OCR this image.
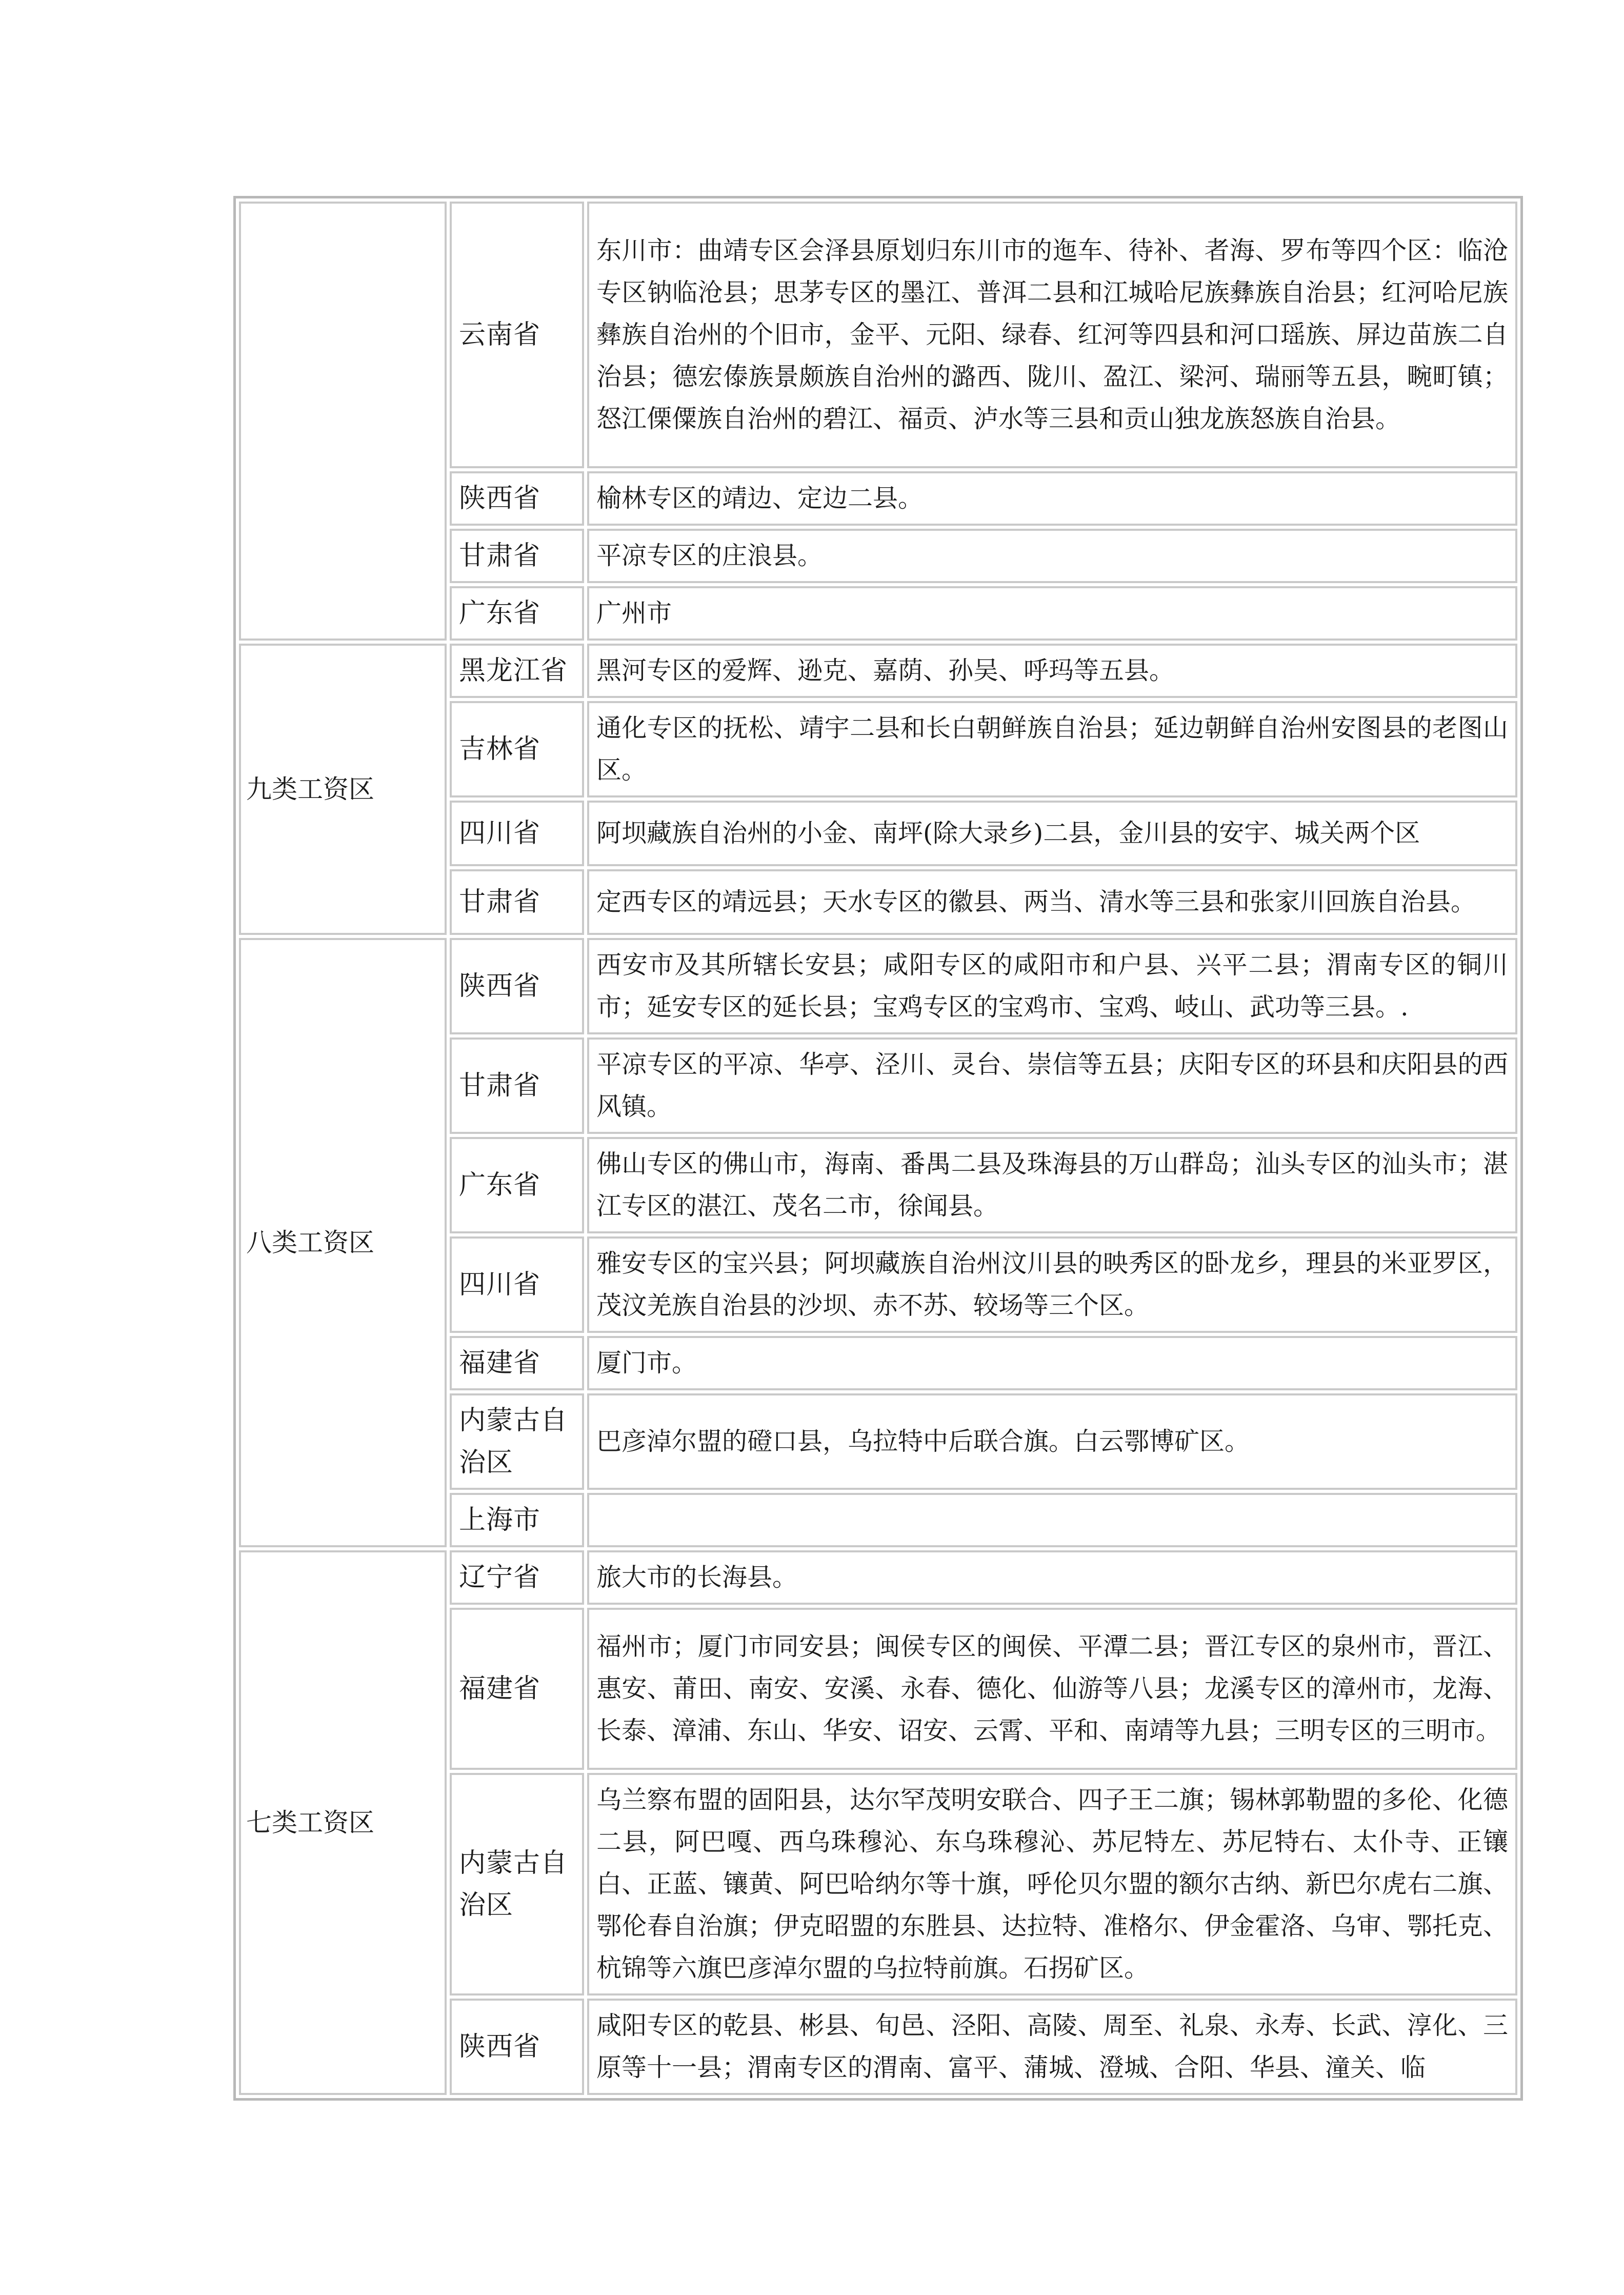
	云南省	东川市：曲靖专区会泽县原划归东川市的迤车、待补、者海、罗布等四个区：临沧专区钠临沧县；思茅专区的墨江、普洱二县和江城哈尼族彝族自治县；红河哈尼族彝族自治州的个旧市，金平、元阳、绿春、红河等四县和河口瑶族、屏边苗族二自治县；德宏傣族景颇族自治州的潞西、陇川、盈江、梁河、瑞丽等五县，畹町镇；怒江傈僳族自治州的碧江、福贡、泸水等三县和贡山独龙族怒族自治县。
	陕西省	榆林专区的靖边、定边二县。
	甘肃省	平凉专区的庄浪县。
	广东省	广州市
九类工资区	黑龙江省	黑河专区的爱辉、逊克、嘉荫、孙吴、呼玛等五县。
	吉林省	通化专区的抚松、靖宇二县和长白朝鲜族自治县；延边朝鲜自治州安图县的老图山区。
	四川省	阿坝藏族自治州的小金、南坪(除大录乡)二县，金川县的安宇、城关两个区
	甘肃省	定西专区的靖远县；天水专区的徽县、两当、清水等三县和张家川回族自治县。
八类工资区	陕西省	西安市及其所辖长安县；咸阳专区的咸阳市和户县、兴平二县；渭南专区的铜川市；延安专区的延长县；宝鸡专区的宝鸡市、宝鸡、岐山、武功等三县。.
	甘肃省	平凉专区的平凉、华亭、泾川、灵台、崇信等五县；庆阳专区的环县和庆阳县的西风镇。
	广东省	佛山专区的佛山市，海南、番禺二县及珠海县的万山群岛；汕头专区的汕头市；湛江专区的湛江、茂名二市，徐闻县。
	四川省	雅安专区的宝兴县；阿坝藏族自治州汶川县的映秀区的卧龙乡，理县的米亚罗区，茂汶羌族自治县的沙坝、赤不苏、较场等三个区。
	福建省	厦门市。
	内蒙古自治区	巴彦淖尔盟的磴口县，乌拉特中后联合旗。白云鄂博矿区。
	上海市	
七类工资区	辽宁省	旅大市的长海县。
	福建省	福州市；厦门市同安县；闽侯专区的闽侯、平潭二县；晋江专区的泉州市，晋江、惠安、莆田、南安、安溪、永春、德化、仙游等八县；龙溪专区的漳州市，龙海、长泰、漳浦、东山、华安、诏安、云霄、平和、南靖等九县；三明专区的三明市。
	内蒙古自治区	乌兰察布盟的固阳县，达尔罕茂明安联合、四子王二旗；锡林郭勒盟的多伦、化德二县，阿巴嘎、西乌珠穆沁、东乌珠穆沁、苏尼特左、苏尼特右、太仆寺、正镶白、正蓝、镶黄、阿巴哈纳尔等十旗，呼伦贝尔盟的额尔古纳、新巴尔虎右二旗、鄂伦春自治旗；伊克昭盟的东胜县、达拉特、准格尔、伊金霍洛、乌审、鄂托克、杭锦等六旗巴彦淖尔盟的乌拉特前旗。石拐矿区。
	陕西省	咸阳专区的乾县、彬县、旬邑、泾阳、高陵、周至、礼泉、永寿、长武、淳化、三原等十一县；渭南专区的渭南、富平、蒲城、澄城、合阳、华县、潼关、临
